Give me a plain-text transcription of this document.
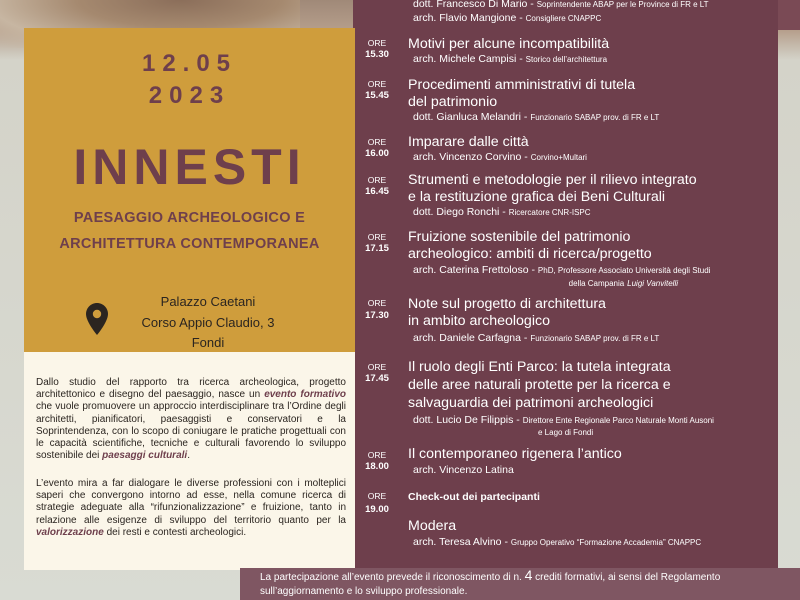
dott. Francesco Di Mario - Soprintendente ABAP per le Province di FR e LT
arch. Flavio Mangione - Consigliere CNAPPC
12.05
2023
INNESTI
PAESAGGIO ARCHEOLOGICO E
ARCHITETTURA CONTEMPORANEA
Palazzo Caetani
Corso Appio Claudio, 3
Fondi
Dallo studio del rapporto tra ricerca archeologica, progetto architettonico e disegno del paesaggio, nasce un evento formativo che vuole promuovere un approccio interdisciplinare tra l’Ordine degli architetti, pianificatori, paesaggisti e conservatori e la Soprintendenza, con lo scopo di coniugare le pratiche progettuali con le capacità scientifiche, tecniche e culturali favorendo lo sviluppo sostenibile dei paesaggi culturali.
L’evento mira a far dialogare le diverse professioni con i molteplici saperi che convergono intorno ad esse, nella comune ricerca di strategie adeguate alla “rifunzionalizzazione” e fruizione, tanto in relazione alle esigenze di sviluppo del territorio quanto per la valorizzazione dei resti e contesti archeologici.
ORE
15.30
Motivi per alcune incompatibilità
arch. Michele Campisi - Storico dell’architettura
ORE
15.45
Procedimenti amministrativi di tutela
del patrimonio
dott. Gianluca Melandri - Funzionario SABAP prov. di FR e LT
ORE
16.00
Imparare dalle città
arch. Vincenzo Corvino - Corvino+Multari
ORE
16.45
Strumenti e metodologie per il rilievo integrato
e la restituzione grafica dei Beni Culturali
dott. Diego Ronchi - Ricercatore CNR-ISPC
ORE
17.15
Fruizione sostenibile del patrimonio
archeologico: ambiti di ricerca/progetto
arch. Caterina Frettoloso - PhD, Professore Associato Università degli Studi
della Campania Luigi Vanvitelli
ORE
17.30
Note sul progetto di architettura
in ambito archeologico
arch. Daniele Carfagna - Funzionario SABAP prov. di FR e LT
ORE
17.45
Il ruolo degli Enti Parco: la tutela integrata
delle aree naturali protette per la ricerca e
salvaguardia dei patrimoni archeologici
dott. Lucio De Filippis - Direttore Ente Regionale Parco Naturale Monti Ausoni
e Lago di Fondi
ORE
18.00
Il contemporaneo rigenera l’antico
arch. Vincenzo Latina
ORE
19.00
Check-out dei partecipanti
Modera
arch. Teresa Alvino - Gruppo Operativo “Formazione Accademia” CNAPPC
La partecipazione all’evento prevede il riconoscimento di n. 4 crediti formativi, ai sensi del Regolamento
sull’aggiornamento e lo sviluppo professionale.
